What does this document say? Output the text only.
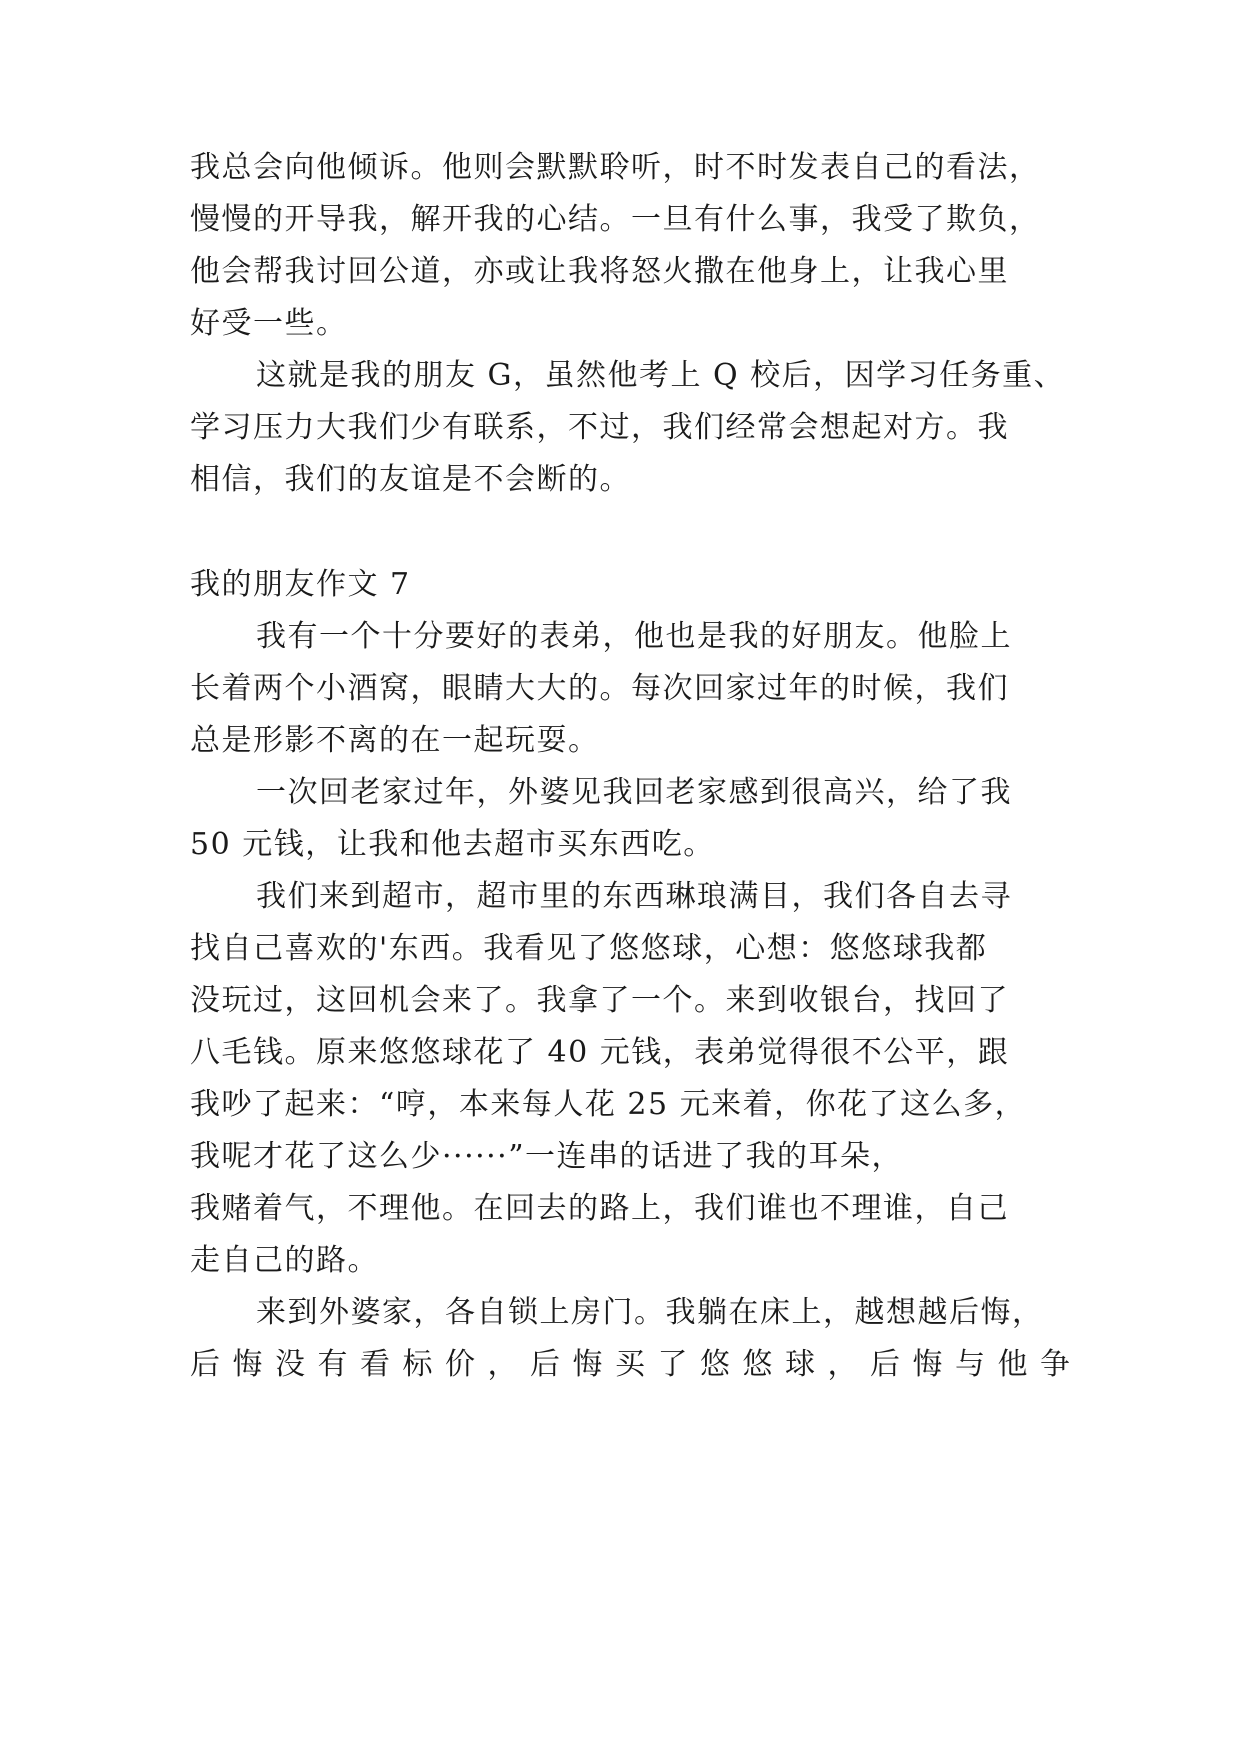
我总会向他倾诉。他则会默默聆听，时不时发表自己的看法，
慢慢的开导我，解开我的心结。一旦有什么事，我受了欺负，
他会帮我讨回公道，亦或让我将怒火撒在他身上，让我心里
好受一些。
这就是我的朋友 G，虽然他考上 Q 校后，因学习任务重、
学习压力大我们少有联系，不过，我们经常会想起对方。我
相信，我们的友谊是不会断的。
我的朋友作文 7
我有一个十分要好的表弟，他也是我的好朋友。他脸上
长着两个小酒窝，眼睛大大的。每次回家过年的时候，我们
总是形影不离的在一起玩耍。
一次回老家过年，外婆见我回老家感到很高兴，给了我
50 元钱，让我和他去超市买东西吃。
我们来到超市，超市里的东西琳琅满目，我们各自去寻
找自己喜欢的'东西。我看见了悠悠球，心想：悠悠球我都
没玩过，这回机会来了。我拿了一个。来到收银台，找回了
八毛钱。原来悠悠球花了 40 元钱，表弟觉得很不公平，跟
我吵了起来：“哼，本来每人花 25 元来着，你花了这么多，
我呢才花了这么少······”一连串的话进了我的耳朵，
我赌着气，不理他。在回去的路上，我们谁也不理谁，自己
走自己的路。
来到外婆家，各自锁上房门。我躺在床上，越想越后悔，
后悔没有看标价，后悔买了悠悠球，后悔与他争
